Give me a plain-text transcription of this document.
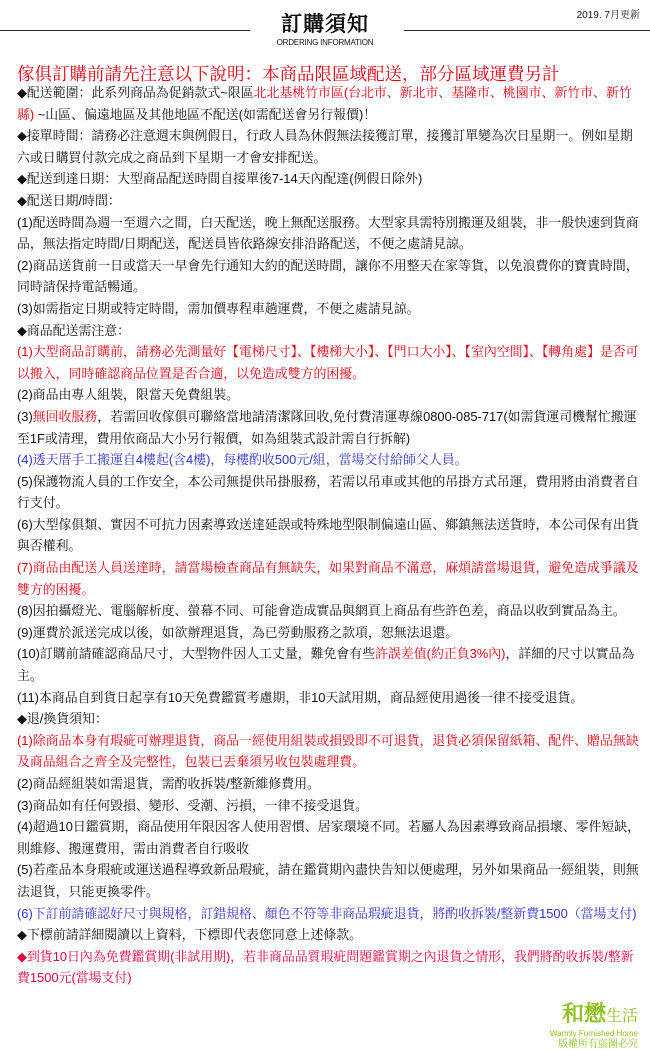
2019. 7月更新
訂購須知
ORDERING INFORMATION
傢俱訂購前請先注意以下說明：本商品限區域配送，部分區域運費另計

◆配送範圍：此系列商品為促銷款式~限區北北基桃竹市區(台北市、新北市、基隆市、桃園市、新竹市、新竹縣) ~山區、偏遠地區及其他地區不配送(如需配送會另行報價)！

◆接單時間：請務必注意週末與例假日，行政人員為休假無法接獲訂單，接獲訂單變為次日星期一。例如星期六或日購買付款完成之商品到下星期一才會安排配送。

◆配送到達日期：大型商品配送時間自接單後7-14天內配達(例假日除外)

◆配送日期/時間：

(1)配送時間為週一至週六之間，白天配送，晚上無配送服務。大型家具需特別搬運及組裝，非一般快速到貨商品，無法指定時間/日期配送，配送員皆依路線安排沿路配送，不便之處請見諒。

(2)商品送貨前一日或當天一早會先行通知大約的配送時間，讓你不用整天在家等貨，以免浪費你的寶貴時間，同時請保持電話暢通。

(3)如需指定日期或特定時間，需加價專程車趟運費，不便之處請見諒。

◆商品配送需注意：

(1)大型商品訂購前，請務必先測量好【電梯尺寸】、【樓梯大小】、【門口大小】、【室內空間】、【轉角處】是否可以搬入，同時確認商品位置是否合適，以免造成雙方的困擾。

(2)商品由專人組裝，限當天免費組裝。

(3)無回收服務，若需回收傢俱可聯絡當地請清潔隊回收,免付費清運專線0800-085-717(如需貨運司機幫忙搬運至1F或清理，費用依商品大小另行報價，如為組裝式設計需自行拆解)

(4)透天厝手工搬運自4樓起(含4樓)，每樓酌收500元/組，當場交付給師父人員。

(5)保護物流人員的工作安全，本公司無提供吊掛服務，若需以吊車或其他的吊掛方式吊運，費用將由消費者自行支付。

(6)大型傢俱類、實因不可抗力因素導致送達延誤或特殊地型限制偏遠山區、鄉鎮無法送貨時，本公司保有出貨與否權利。

(7)商品由配送人員送達時，請當場檢查商品有無缺失，如果對商品不滿意，麻煩請當場退貨，避免造成爭議及雙方的困擾。

(8)因拍攝燈光、電腦解析度、螢幕不同、可能會造成實品與網頁上商品有些許色差，商品以收到實品為主。

(9)運費於派送完成以後，如欲辦理退貨，為已勞動服務之款項，恕無法退還。

(10)訂購前請確認商品尺寸，大型物件因人工丈量，難免會有些許誤差值(約正負3%內)，詳細的尺寸以實品為主。

(11)本商品自到貨日起享有10天免費鑑賞考慮期，非10天試用期，商品經使用過後一律不接受退貨。

◆退/換貨須知：

(1)除商品本身有瑕疵可辦理退貨，商品一經使用組裝或損毀即不可退貨，退貨必須保留紙箱、配件、贈品無缺及商品組合之齊全及完整性，包裝已丟棄須另收包裝處理費。

(2)商品經組裝如需退貨，需酌收拆裝/整新維修費用。

(3)商品如有任何毀損、變形、受潮、污損，一律不接受退貨。

(4)超過10日鑑賞期，商品使用年限因客人使用習慣、居家環境不同。若屬人為因素導致商品損壞、零件短缺，則維修、搬運費用，需由消費者自行吸收

(5)若產品本身瑕疵或運送過程導致新品瑕疵，請在鑑賞期內盡快告知以便處理，另外如果商品一經組裝，則無法退貨，只能更換零件。

(6)下訂前請確認好尺寸與規格，訂錯規格、顏色不符等非商品瑕疵退貨，將酌收拆裝/整新費1500（當場支付)

◆下標前請詳細閱讀以上資料，下標即代表您同意上述條款。

◆到貨10日內為免費鑑賞期(非試用期)，若非商品品質瑕疵問題鑑賞期之內退貨之情形，我們將酌收拆裝/整新費1500元(當場支付)

和懋生活
Warmly Furnished Home
版權所有盜圖必究
